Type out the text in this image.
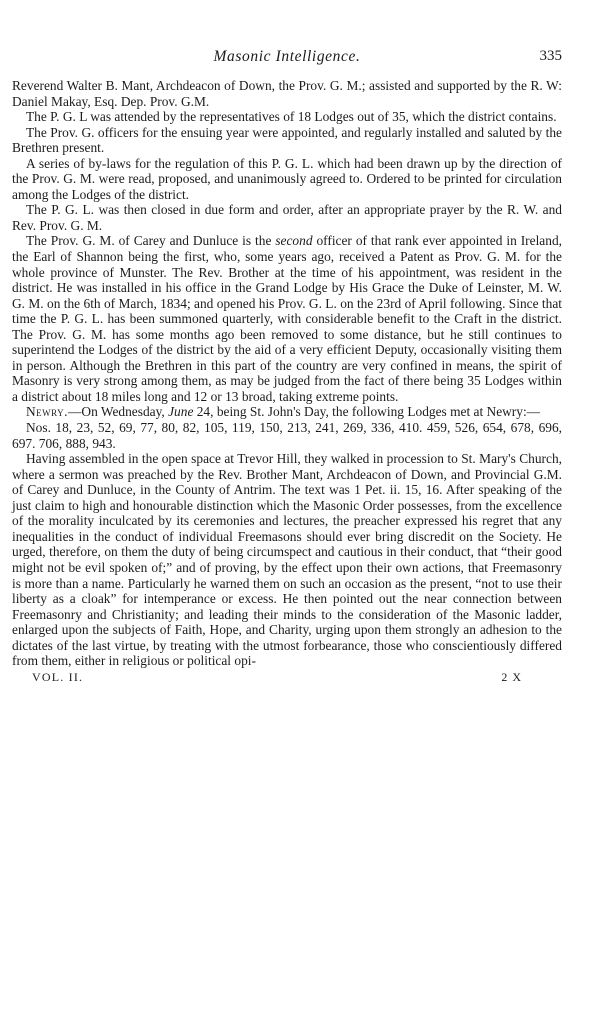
Masonic Intelligence.	335

Reverend Walter B. Mant, Archdeacon of Down, the Prov. G. M.; assisted and supported by the R. W: Daniel Makay, Esq. Dep. Prov. G.M.

The P. G. L was attended by the representatives of 18 Lodges out of 35, which the district contains.

The Prov. G. officers for the ensuing year were appointed, and regularly installed and saluted by the Brethren present.

A series of by-laws for the regulation of this P. G. L. which had been drawn up by the direction of the Prov. G. M. were read, proposed, and unanimously agreed to. Ordered to be printed for circulation among the Lodges of the district.

The P. G. L. was then closed in due form and order, after an appropriate prayer by the R. W. and Rev. Prov. G. M.

The Prov. G. M. of Carey and Dunluce is the second officer of that rank ever appointed in Ireland, the Earl of Shannon being the first, who, some years ago, received a Patent as Prov. G. M. for the whole province of Munster. The Rev. Brother at the time of his appointment, was resident in the district. He was installed in his office in the Grand Lodge by His Grace the Duke of Leinster, M. W. G. M. on the 6th of March, 1834; and opened his Prov. G. L. on the 23rd of April following. Since that time the P. G. L. has been summoned quarterly, with considerable benefit to the Craft in the district. The Prov. G. M. has some months ago been removed to some distance, but he still continues to superintend the Lodges of the district by the aid of a very efficient Deputy, occasionally visiting them in person. Although the Brethren in this part of the country are very confined in means, the spirit of Masonry is very strong among them, as may be judged from the fact of there being 35 Lodges within a district about 18 miles long and 12 or 13 broad, taking extreme points.

Newry.—On Wednesday, June 24, being St. John's Day, the following Lodges met at Newry:—

Nos. 18, 23, 52, 69, 77, 80, 82, 105, 119, 150, 213, 241, 269, 336, 410. 459, 526, 654, 678, 696, 697. 706, 888, 943.

Having assembled in the open space at Trevor Hill, they walked in procession to St. Mary's Church, where a sermon was preached by the Rev. Brother Mant, Archdeacon of Down, and Provincial G.M. of Carey and Dunluce, in the County of Antrim. The text was 1 Pet. ii. 15, 16. After speaking of the just claim to high and honourable distinction which the Masonic Order possesses, from the excellence of the morality inculcated by its ceremonies and lectures, the preacher expressed his regret that any inequalities in the conduct of individual Freemasons should ever bring discredit on the Society. He urged, therefore, on them the duty of being circumspect and cautious in their conduct, that “their good might not be evil spoken of;” and of proving, by the effect upon their own actions, that Freemasonry is more than a name. Particularly he warned them on such an occasion as the present, “not to use their liberty as a cloak” for intemperance or excess. He then pointed out the near connection between Freemasonry and Christianity; and leading their minds to the consideration of the Masonic ladder, enlarged upon the subjects of Faith, Hope, and Charity, urging upon them strongly an adhesion to the dictates of the last virtue, by treating with the utmost forbearance, those who conscientiously differed from them, either in religious or political opi-

VOL. II.	2 X
